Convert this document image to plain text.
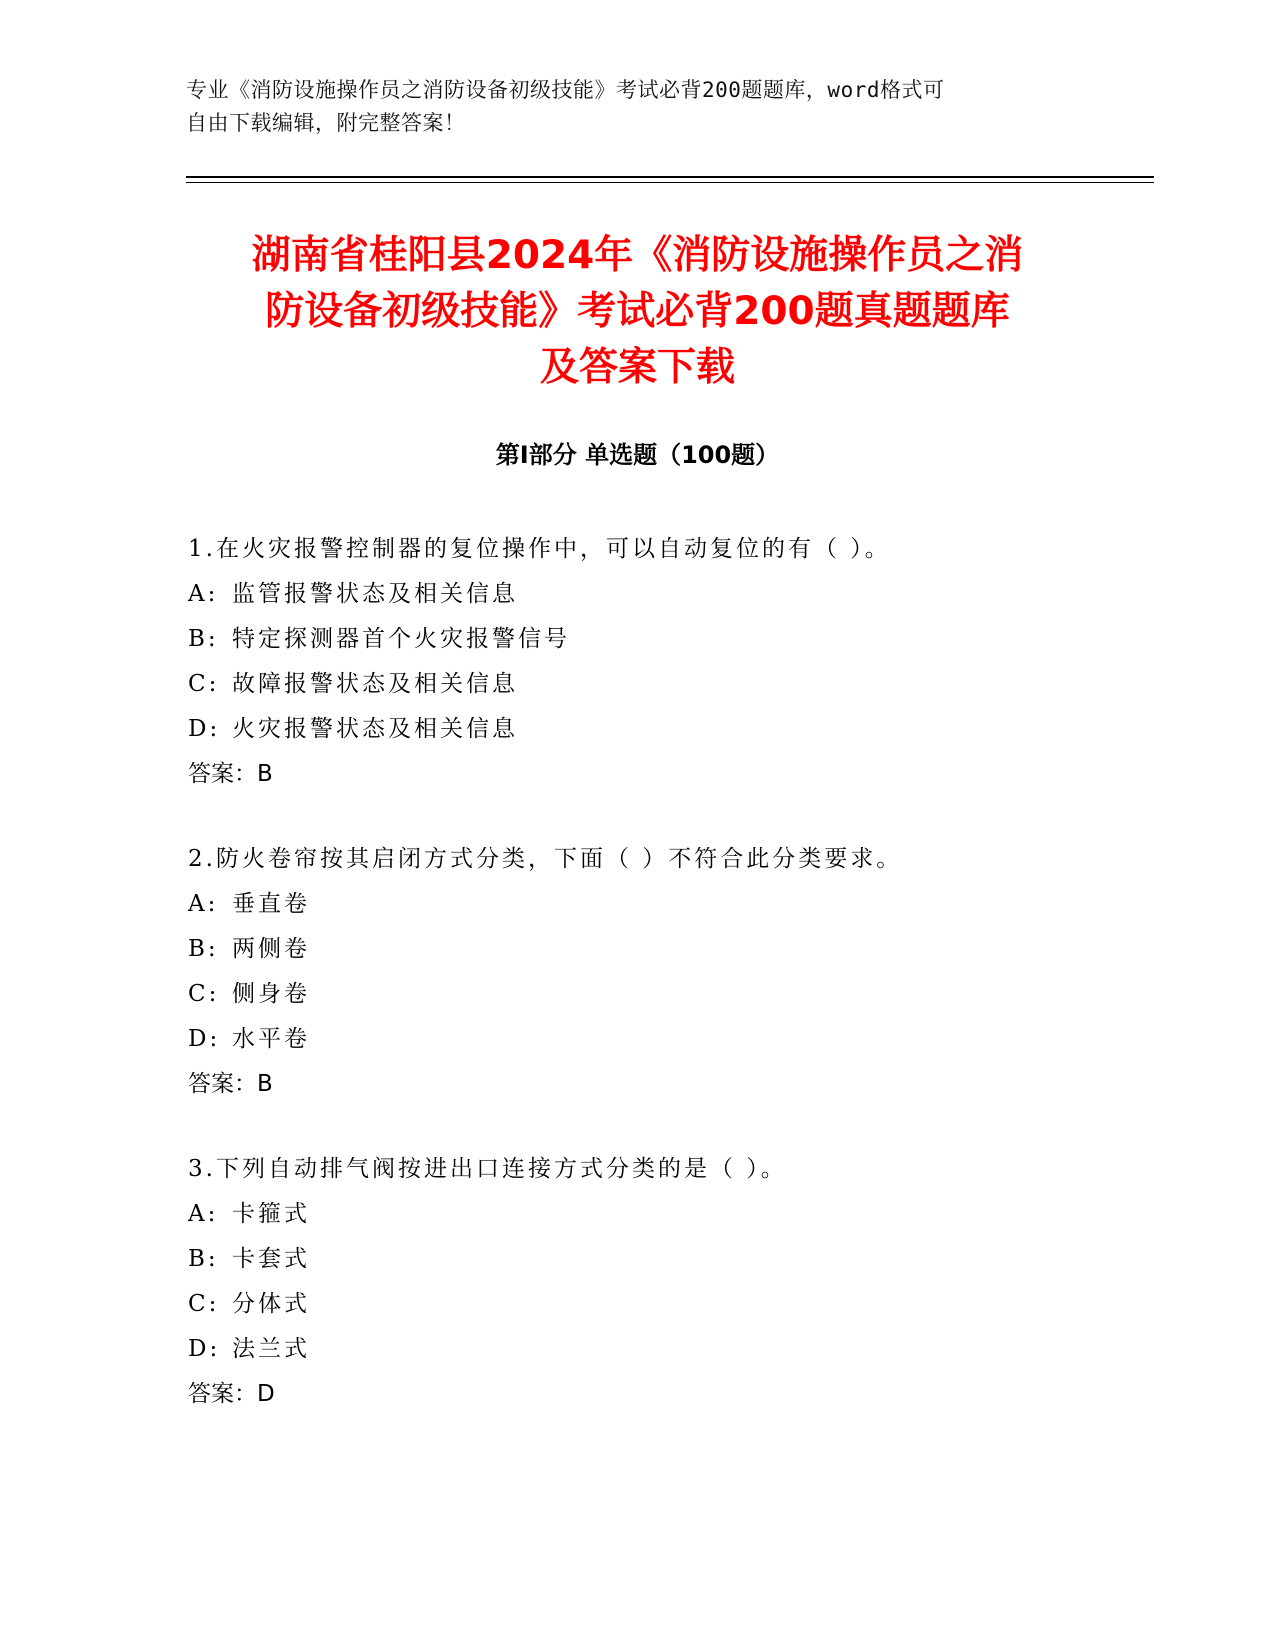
专业《消防设施操作员之消防设备初级技能》考试必背200题题库，word格式可
自由下载编辑，附完整答案！
湖南省桂阳县2024年《消防设施操作员之消
防设备初级技能》考试必背200题真题题库
及答案下载
第Ⅰ部分 单选题（100题）
1.在火灾报警控制器的复位操作中，可以自动复位的有（ ）。
A: 监管报警状态及相关信息
B: 特定探测器首个火灾报警信号
C: 故障报警状态及相关信息
D: 火灾报警状态及相关信息
答案：B
2.防火卷帘按其启闭方式分类，下面（ ）不符合此分类要求。
A: 垂直卷
B: 两侧卷
C: 侧身卷
D: 水平卷
答案：B
3.下列自动排气阀按进出口连接方式分类的是（ ）。
A: 卡箍式
B: 卡套式
C: 分体式
D: 法兰式
答案：D
